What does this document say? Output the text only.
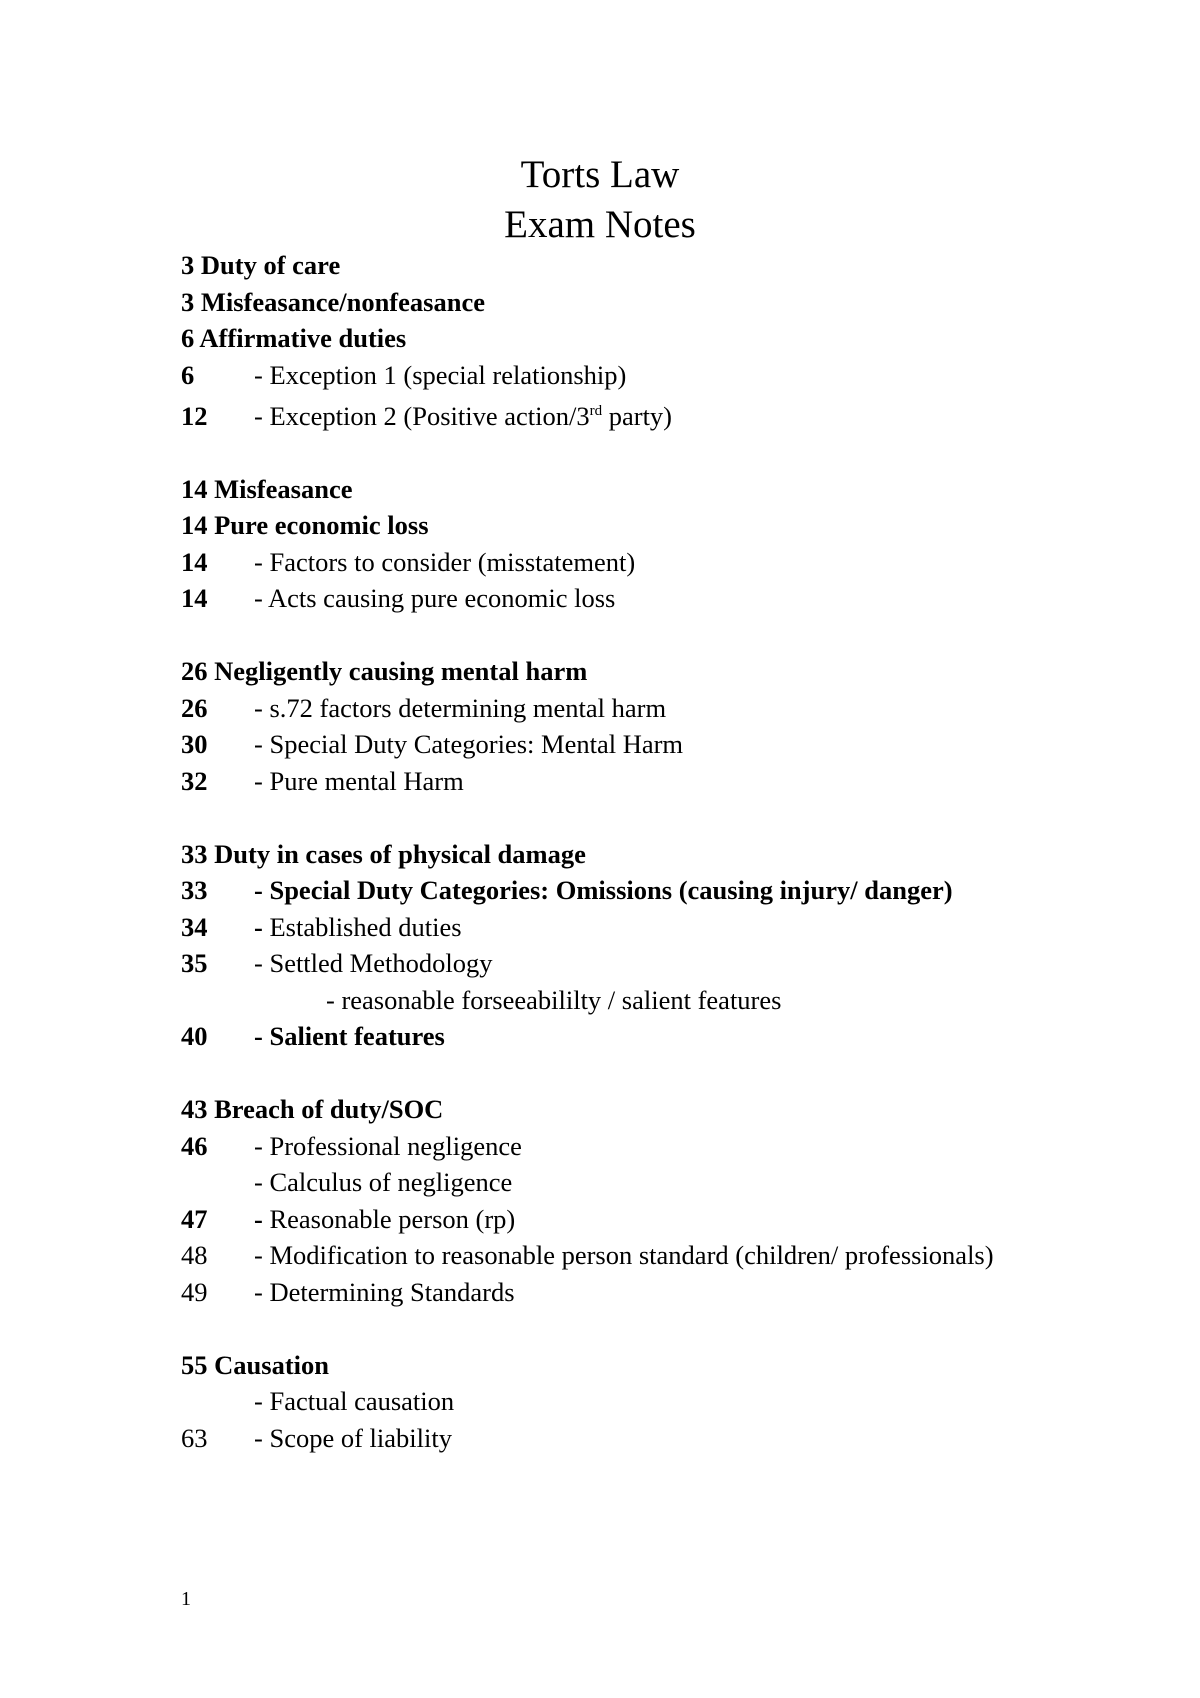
Torts Law

Exam Notes

3 Duty of care

3 Misfeasance/nonfeasance

6 Affirmative duties

6 - Exception 1 (special relationship)

12 - Exception 2 (Positive action/3rd party)

14 Misfeasance

14 Pure economic loss

14 - Factors to consider (misstatement)

14 - Acts causing pure economic loss

26 Negligently causing mental harm

26 - s.72 factors determining mental harm

30 - Special Duty Categories: Mental Harm

32 - Pure mental Harm

33 Duty in cases of physical damage

33 - Special Duty Categories: Omissions (causing injury/ danger)

34 - Established duties

35 - Settled Methodology

- reasonable forseeabililty / salient features

40 - Salient features

43 Breach of duty/SOC

46 - Professional negligence

- Calculus of negligence

47 - Reasonable person (rp)

48 - Modification to reasonable person standard (children/ professionals)

49 - Determining Standards

55 Causation

- Factual causation

63 - Scope of liability

1
